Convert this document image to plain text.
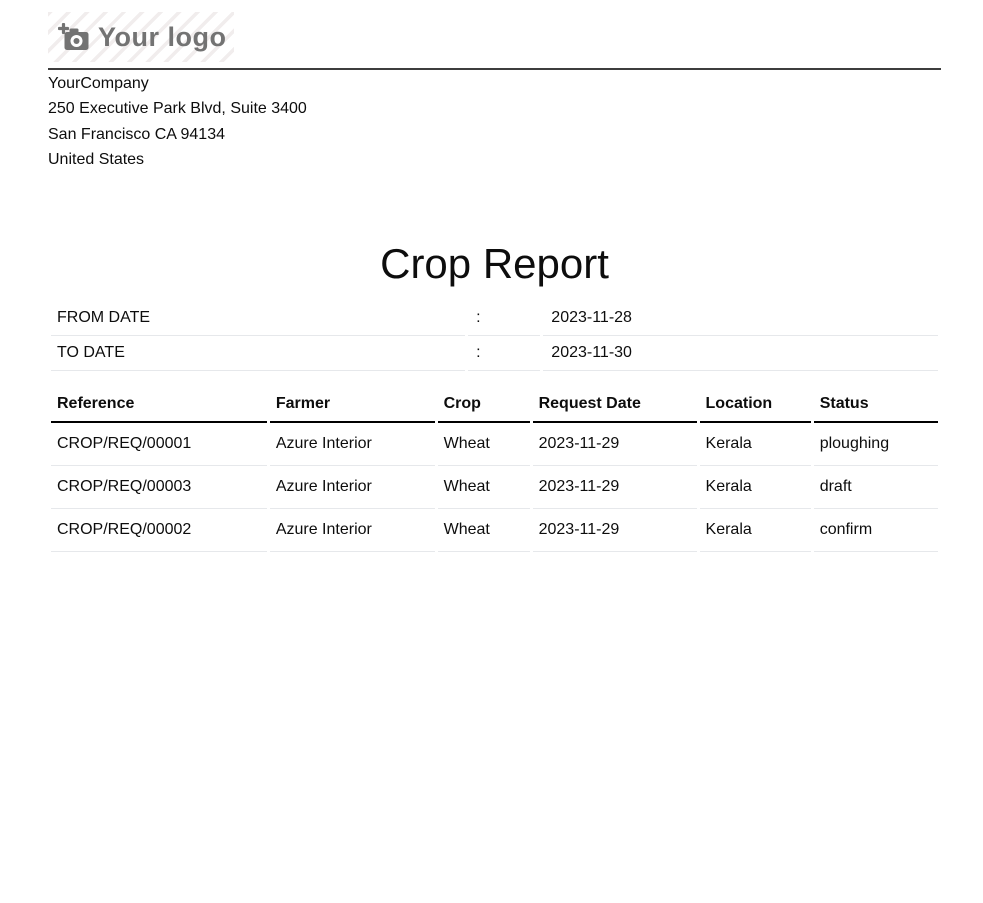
Your logo
YourCompany
250 Executive Park Blvd, Suite 3400
San Francisco CA 94134
United States
Crop Report
FROM DATE	:	2023-11-28
TO DATE	:	2023-11-30
Reference	Farmer	Crop	Request Date	Location	Status
CROP/REQ/00001	Azure Interior	Wheat	2023-11-29	Kerala	ploughing
CROP/REQ/00003	Azure Interior	Wheat	2023-11-29	Kerala	draft
CROP/REQ/00002	Azure Interior	Wheat	2023-11-29	Kerala	confirm
